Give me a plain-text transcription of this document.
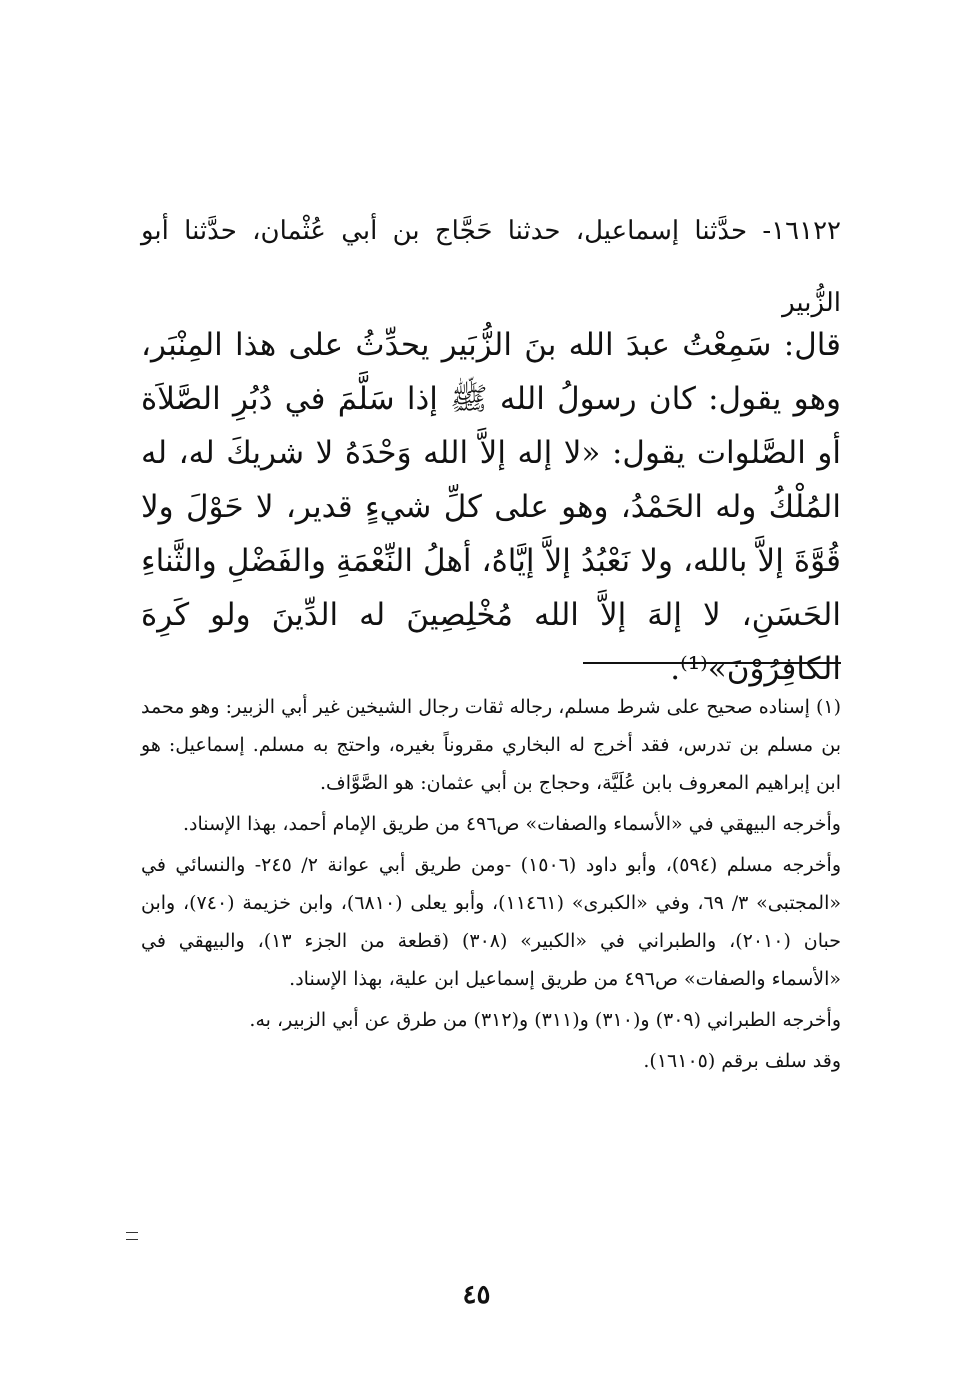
١٦١٢٢- حدَّثنا إسماعيل، حدثنا حَجَّاج بن أبي عُثْمان، حدَّثنا أبو الزُّبير

قال: سَمِعْتُ عبدَ الله بنَ الزُّبَير يحدِّثُ على هذا المِنْبَر، وهو يقول: كان رسولُ الله ﷺ إذا سَلَّمَ في دُبُرِ الصَّلاَة أو الصَّلوات يقول: «لا إله إلاَّ الله وَحْدَهُ لا شريكَ له، له المُلْكُ وله الحَمْدُ، وهو على كلِّ شيءٍ قدير، لا حَوْلَ ولا قُوَّةَ إلاَّ بالله، ولا نَعْبُدُ إلاَّ إيَّاهُ، أهلُ النِّعْمَةِ والفَضْلِ والثَّناءِ الحَسَنِ، لا إلهَ إلاَّ الله مُخْلِصِينَ له الدِّينَ ولو كَرِهَ الكافِرُوْنَ»⁽¹⁾.

(١) إسناده صحيح على شرط مسلم، رجاله ثقات رجال الشيخين غير أبي الزبير: وهو محمد بن مسلم بن تدرس، فقد أخرج له البخاري مقروناً بغيره، واحتج به مسلم. إسماعيل: هو ابن إبراهيم المعروف بابن عُلَيَّة، وحجاج بن أبي عثمان: هو الصَّوَّاف.

وأخرجه البيهقي في «الأسماء والصفات» ص٤٩٦ من طريق الإمام أحمد، بهذا الإسناد.

وأخرجه مسلم (٥٩٤)، وأبو داود (١٥٠٦) -ومن طريق أبي عوانة ٢/ ٢٤٥- والنسائي في «المجتبى» ٣/ ٦٩، وفي «الكبرى» (١١٤٦١)، وأبو يعلى (٦٨١٠)، وابن خزيمة (٧٤٠)، وابن حبان (٢٠١٠)، والطبراني في «الكبير» (٣٠٨) (قطعة من الجزء ١٣)، والبيهقي في «الأسماء والصفات» ص٤٩٦ من طريق إسماعيل ابن علية، بهذا الإسناد.

وأخرجه الطبراني (٣٠٩) و(٣١٠) و(٣١١) و(٣١٢) من طرق عن أبي الزبير، به.

وقد سلف برقم (١٦١٠٥).

٤٥
